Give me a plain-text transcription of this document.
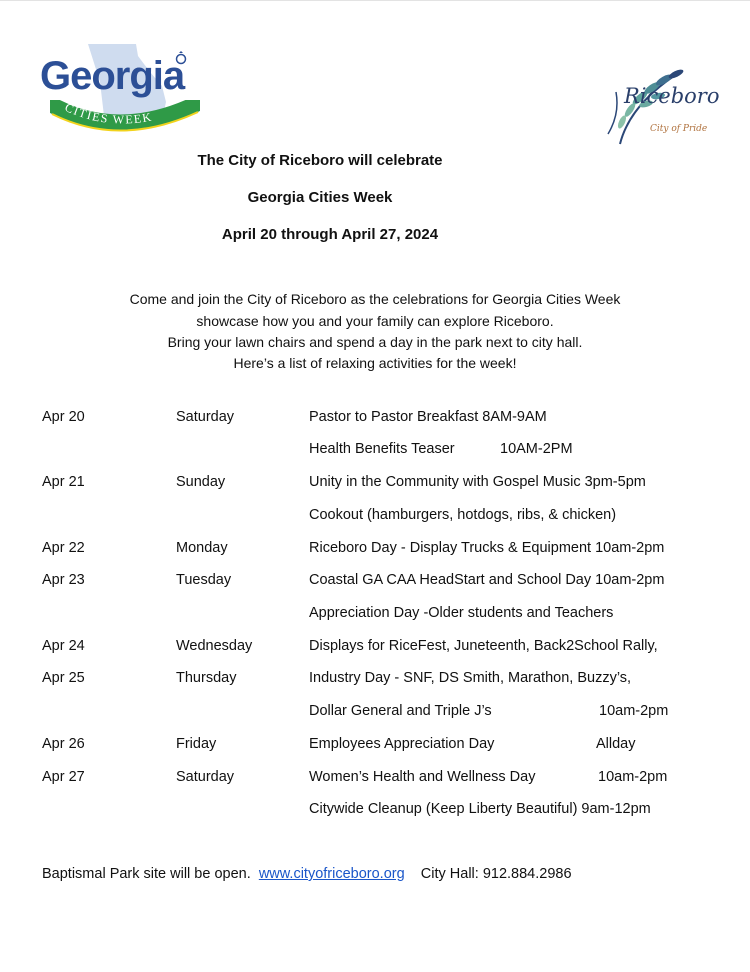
Georgia
CITIES WEEK
Riceboro
City of Pride
The City of Riceboro will celebrate
Georgia Cities Week
April 20 through April 27, 2024
Come and join the City of Riceboro as the celebrations for Georgia Cities Week
showcase how you and your family can explore Riceboro.
Bring your lawn chairs and spend a day in the park next to city hall.
Here’s a list of relaxing activities for the week!
Apr 20	Saturday	Pastor to Pastor Breakfast 8AM-9AM
Health Benefits Teaser	10AM-2PM
Apr 21	Sunday	Unity in the Community with Gospel Music 3pm-5pm
Cookout (hamburgers, hotdogs, ribs, & chicken)
Apr 22	Monday	Riceboro Day - Display Trucks & Equipment 10am-2pm
Apr 23	Tuesday	Coastal GA CAA HeadStart and School Day 10am-2pm
Appreciation Day -Older students and Teachers
Apr 24	Wednesday	Displays for RiceFest, Juneteenth, Back2School Rally,
Apr 25	Thursday	Industry Day - SNF, DS Smith, Marathon, Buzzy’s,
Dollar General and Triple J’s	10am-2pm
Apr 26	Friday	Employees Appreciation Day	Allday
Apr 27	Saturday	Women’s Health and Wellness Day	10am-2pm
Citywide Cleanup (Keep Liberty Beautiful) 9am-12pm
Baptismal Park site will be open. www.cityofriceboro.org City Hall: 912.884.2986
